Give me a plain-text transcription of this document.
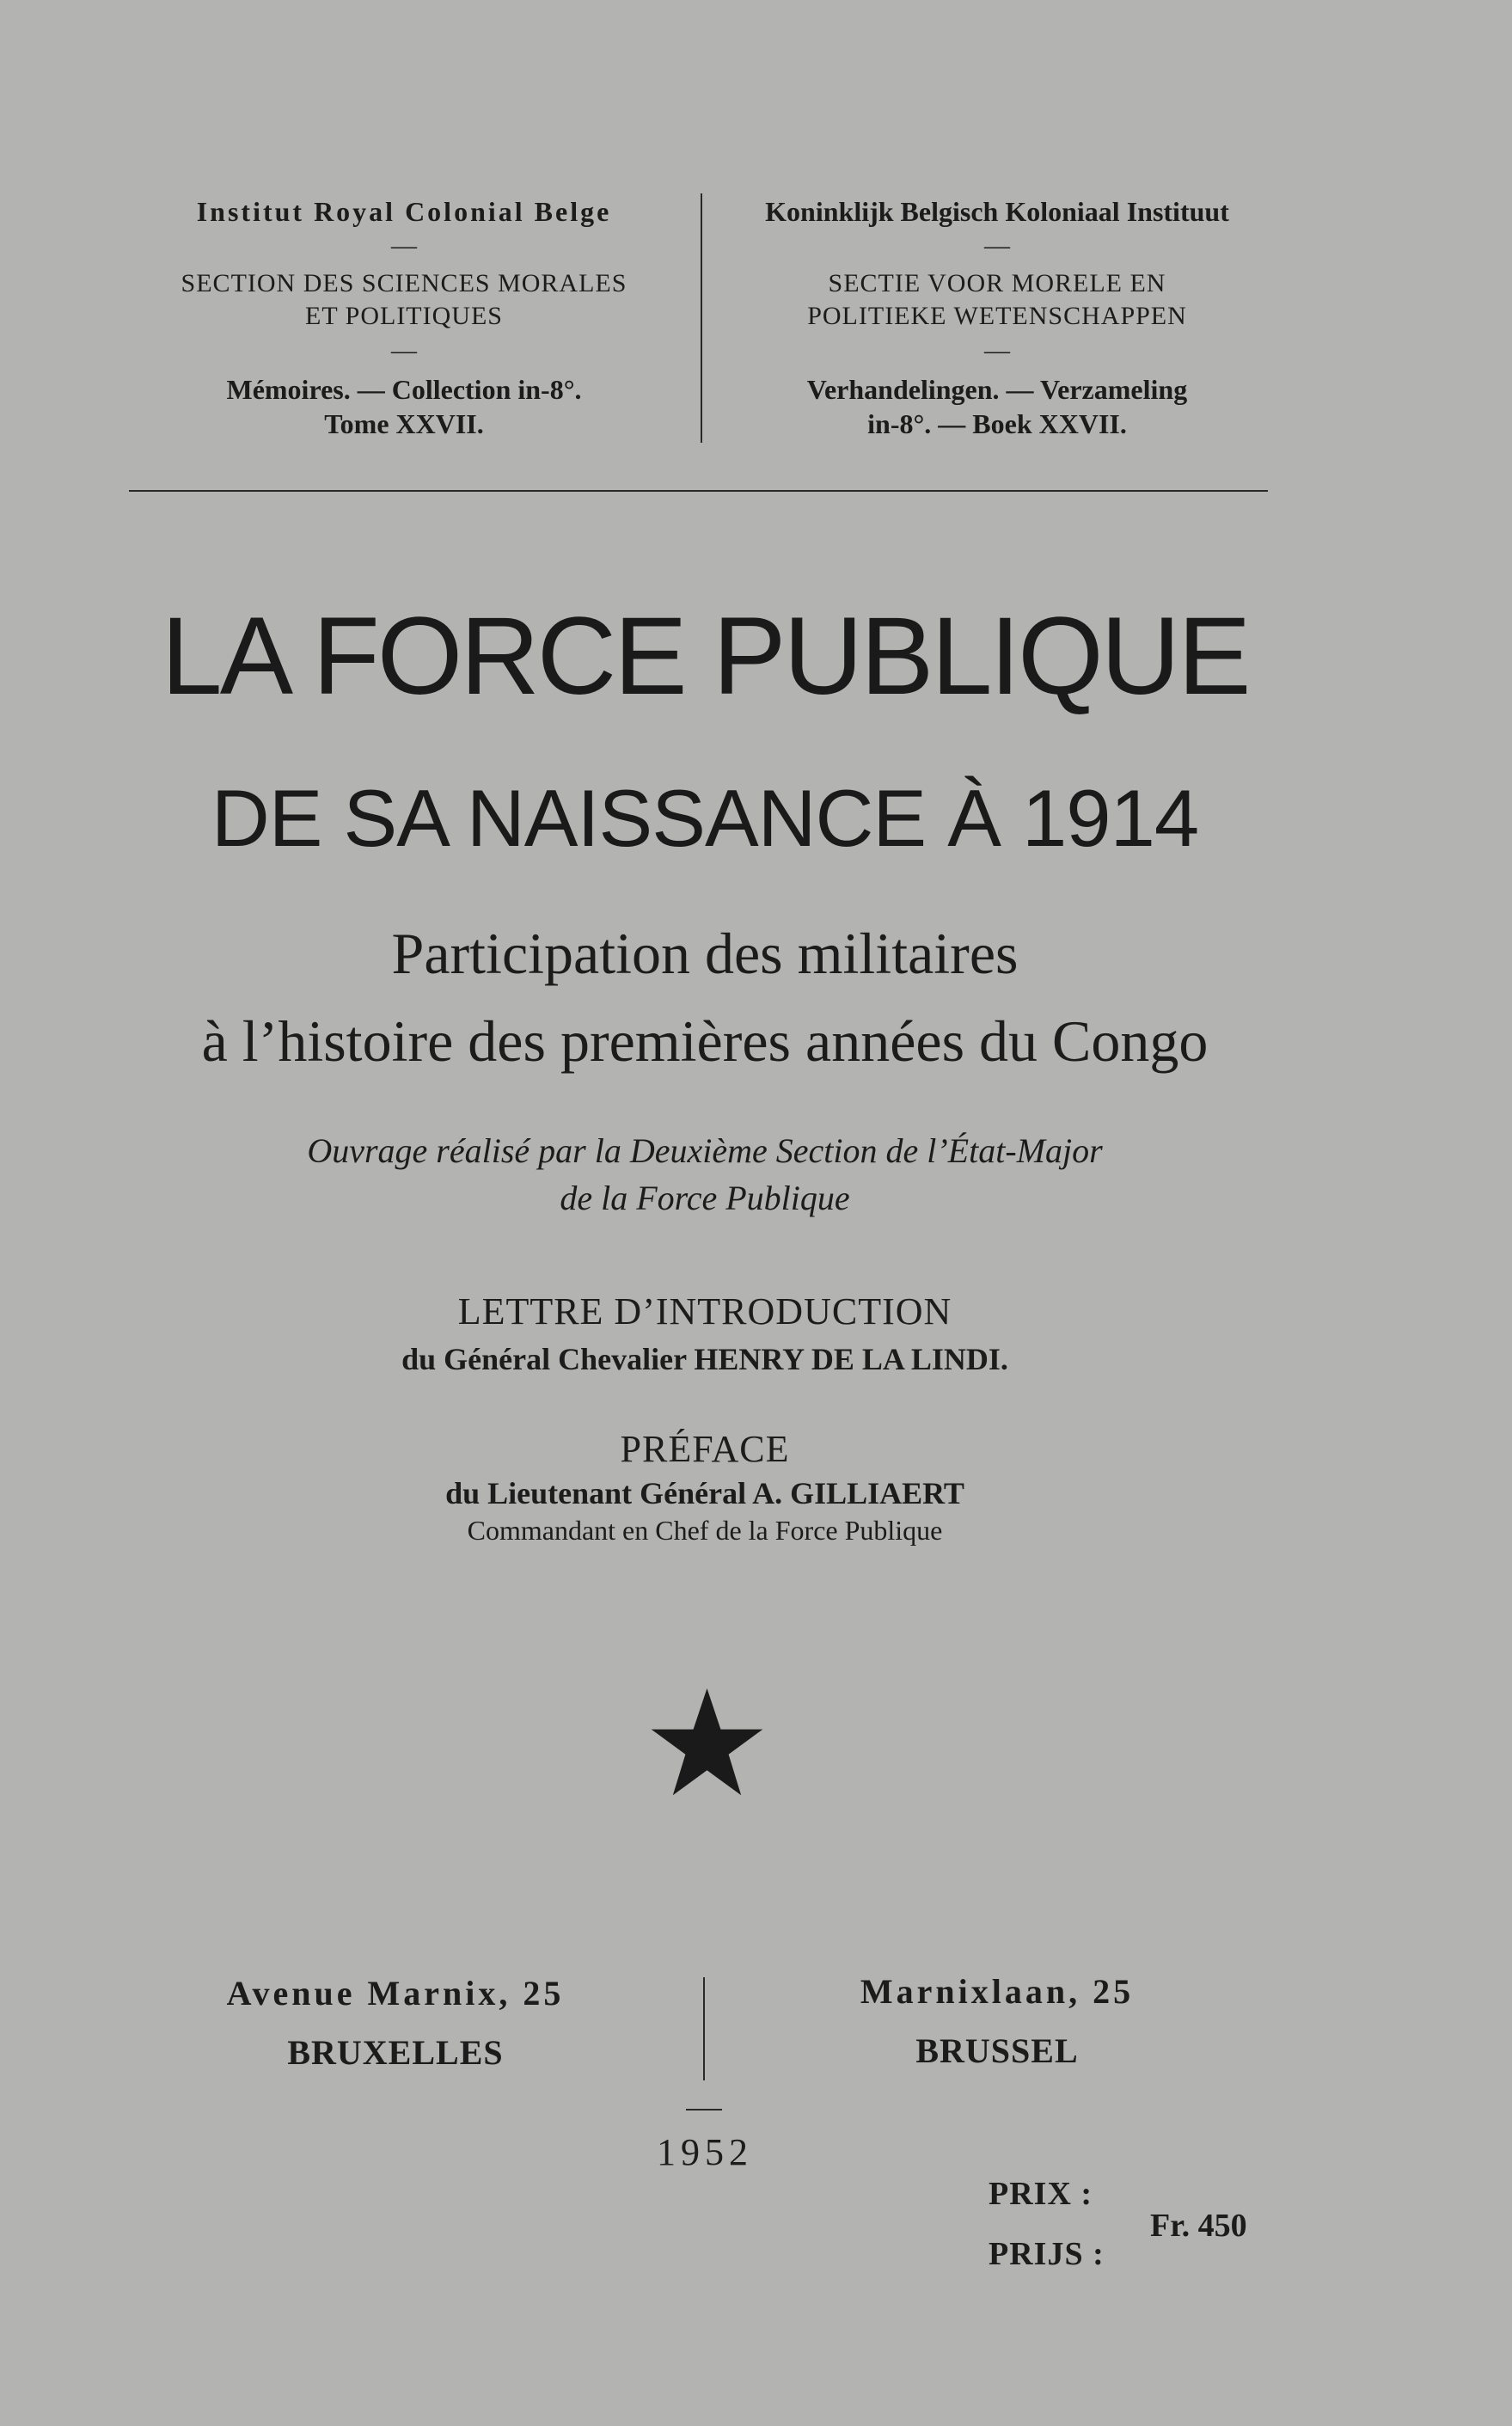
Institut Royal Colonial Belge
—
SECTION DES SCIENCES MORALES
ET POLITIQUES
—
Mémoires. — Collection in-8°.
Tome XXVII.
Koninklijk Belgisch Koloniaal Instituut
—
SECTIE VOOR MORELE EN
POLITIEKE WETENSCHAPPEN
—
Verhandelingen. — Verzameling
in-8°. — Boek XXVII.
LA FORCE PUBLIQUE
DE SA NAISSANCE À 1914
Participation des militaires
à l’histoire des premières années du Congo
Ouvrage réalisé par la Deuxième Section de l’État-Major
de la Force Publique
LETTRE D’INTRODUCTION
du Général Chevalier HENRY DE LA LINDI.
PRÉFACE
du Lieutenant Général A. GILLIAERT
Commandant en Chef de la Force Publique
Avenue Marnix, 25
BRUXELLES
Marnixlaan, 25
BRUSSEL
1952
PRIX :
PRIJS :
Fr. 450
